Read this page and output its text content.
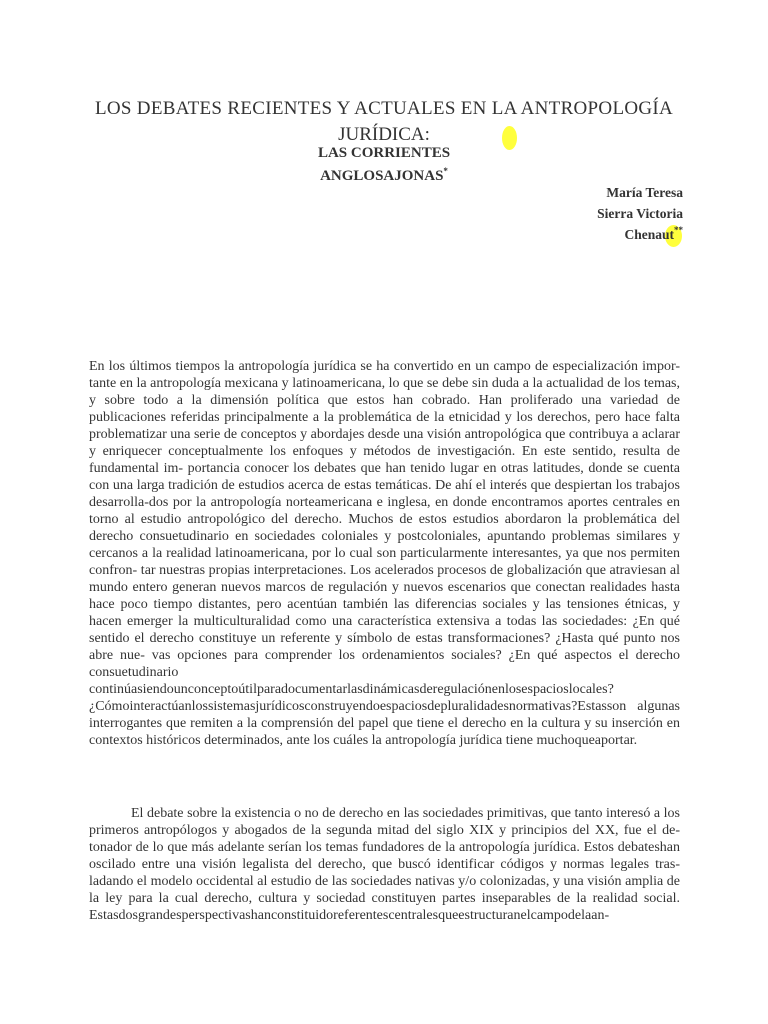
LOS DEBATES RECIENTES Y ACTUALES EN LA ANTROPOLOGÍA
JURÍDICA:
LAS CORRIENTES
ANGLOSAJONAS*
María Teresa
Sierra Victoria
Chenaut**
En los últimos tiempos la antropología jurídica se ha convertido en un campo de especialización impor- tante en la antropología mexicana y latinoamericana, lo que se debe sin duda a la actualidad de los temas, y sobre todo a la dimensión política que estos han cobrado. Han proliferado una variedad de publicaciones referidas principalmente a la problemática de la etnicidad y los derechos, pero hace falta problematizar una serie de conceptos y abordajes desde una visión antropológica que contribuya a aclarar y enriquecer conceptualmente los enfoques y métodos de investigación. En este sentido, resulta de fundamental im- portancia conocer los debates que han tenido lugar en otras latitudes, donde se cuenta con una larga tradición de estudios acerca de estas temáticas. De ahí el interés que despiertan los trabajos desarrolla-dos por la antropología norteamericana e inglesa, en donde encontramos aportes centrales en torno al estudio antropológico del derecho. Muchos de estos estudios abordaron la problemática del derecho consuetudinario en sociedades coloniales y postcoloniales, apuntando problemas similares y cercanos a la realidad latinoamericana, por lo cual son particularmente interesantes, ya que nos permiten confron- tar nuestras propias interpretaciones. Los acelerados procesos de globalización que atraviesan al mundo entero generan nuevos marcos de regulación y nuevos escenarios que conectan realidades hasta hace poco tiempo distantes, pero acentúan también las diferencias sociales y las tensiones étnicas, y hacen emerger la multiculturalidad como una característica extensiva a todas las sociedades: ¿En qué sentido el derecho constituye un referente y símbolo de estas transformaciones? ¿Hasta qué punto nos abre nue- vas opciones para comprender los ordenamientos sociales? ¿En qué aspectos el derecho consuetudinario continúasiendounconceptoútilparadocumentarlasdinámicasderegulaciónenlosespacioslocales? ¿Cómointeractúanlossistemasjurídicosconstruyendoespaciosdepluralidadesnormativas?Estasson algunas interrogantes que remiten a la comprensión del papel que tiene el derecho en la cultura y su inserción en contextos históricos determinados, ante los cuáles la antropología jurídica tiene muchoqueaportar.
El debate sobre la existencia o no de derecho en las sociedades primitivas, que tanto interesó a los primeros antropólogos y abogados de la segunda mitad del siglo XIX y principios del XX, fue el de- tonador de lo que más adelante serían los temas fundadores de la antropología jurídica. Estos debateshan oscilado entre una visión legalista del derecho, que buscó identificar códigos y normas legales tras- ladando el modelo occidental al estudio de las sociedades nativas y/o colonizadas, y una visión amplia de la ley para la cual derecho, cultura y sociedad constituyen partes inseparables de la realidad social. Estasdosgrandesperspectivashanconstituidoreferentescentralesqueestructuranelcampodelaan-
